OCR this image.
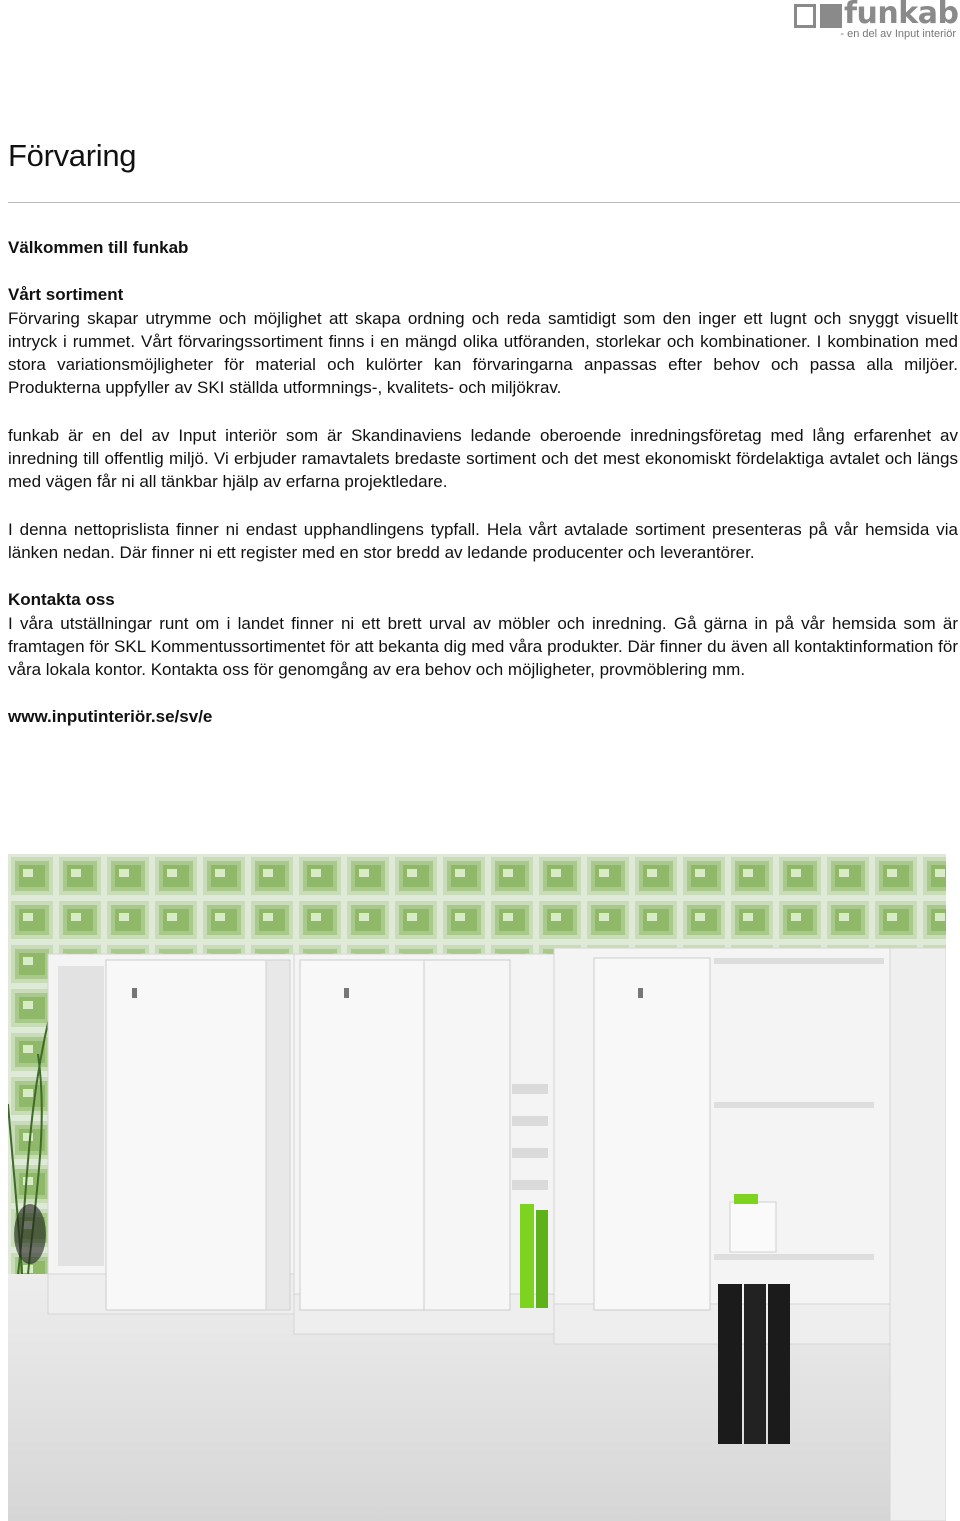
funkab
- en del av Input interiör
Förvaring

Välkommen till funkab

Vårt sortiment

Förvaring skapar utrymme och möjlighet att skapa ordning och reda samtidigt som den inger ett lugnt och snyggt visuellt intryck i rummet. Vårt förvaringssortiment finns i en mängd olika utföranden, storlekar och kombinationer. I kombination med stora variationsmöjligheter för material och kulörter kan förvaringarna anpassas efter behov och passa alla miljöer. Produkterna uppfyller av SKI ställda utformnings-, kvalitets- och miljökrav.

funkab är en del av Input interiör som är Skandinaviens ledande oberoende inredningsföretag med lång erfarenhet av inredning till offentlig miljö. Vi erbjuder ramavtalets bredaste sortiment och det mest ekonomiskt fördelaktiga avtalet och längs med vägen får ni all tänkbar hjälp av erfarna projektledare.

I denna nettoprislista finner ni endast upphandlingens typfall. Hela vårt avtalade sortiment presenteras på vår hemsida via länken nedan. Där finner ni ett register med en stor bredd av ledande producenter och leverantörer.

Kontakta oss

I våra utställningar runt om i landet finner ni ett brett urval av möbler och inredning. Gå gärna in på vår hemsida som är framtagen för SKL Kommentussortimentet för att bekanta dig med våra produkter. Där finner du även all kontaktinformation för våra lokala kontor. Kontakta oss för genomgång av era behov och möjligheter, provmöblering mm.

www.inputinteriör.se/sv/e
